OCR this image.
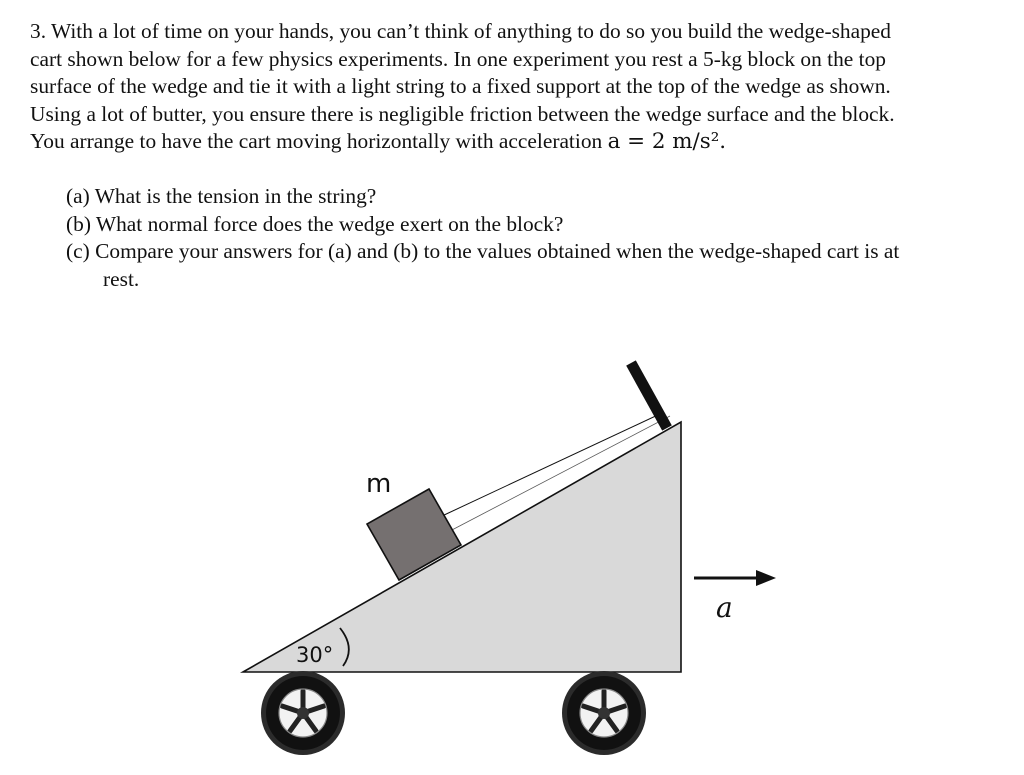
3. With a lot of time on your hands, you can’t think of anything to do so you build the wedge-shaped
cart shown below for a few physics experiments. In one experiment you rest a 5-kg block on the top
surface of the wedge and tie it with a light string to a fixed support at the top of the wedge as shown.
Using a lot of butter, you ensure there is negligible friction between the wedge surface and the block.
You arrange to have the cart moving horizontally with acceleration a = 2 m/s².
(a) What is the tension in the string?
(b) What normal force does the wedge exert on the block?
(c) Compare your answers for (a) and (b) to the values obtained when the wedge-shaped cart is at
rest.
m
30°
a
